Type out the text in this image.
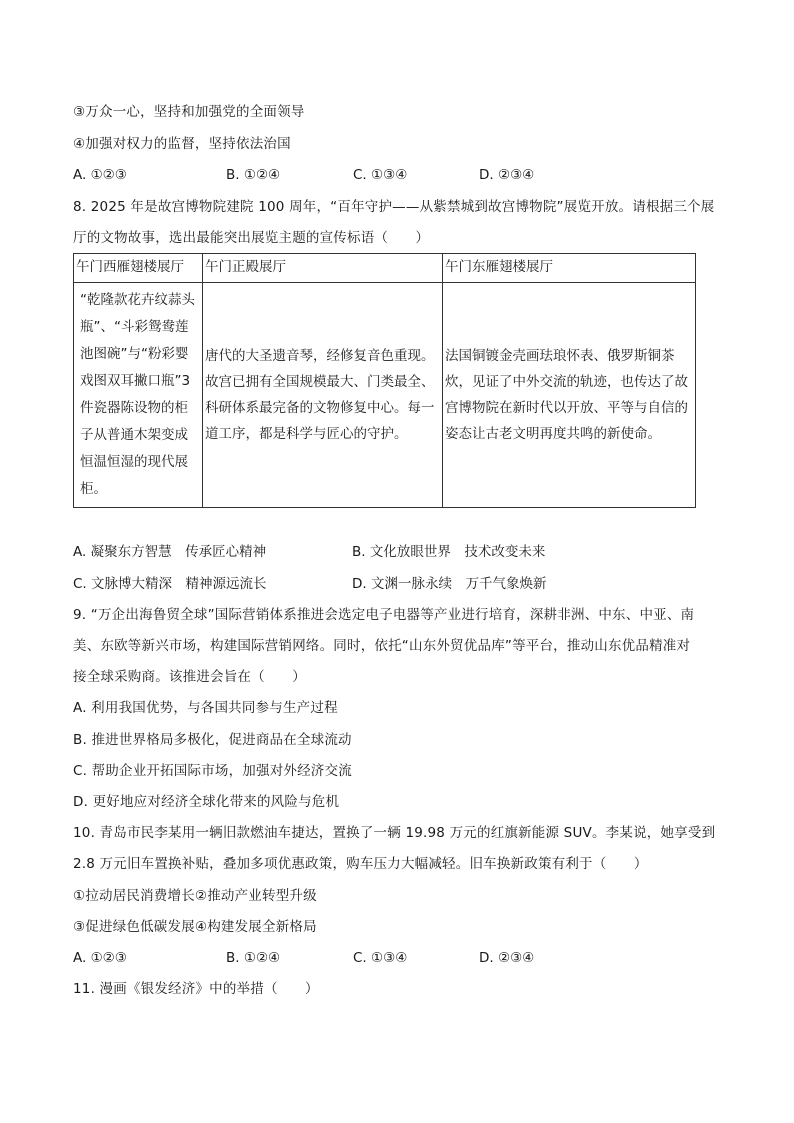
③万众一心，坚持和加强党的全面领导
④加强对权力的监督，坚持依法治国
A. ①②③	B. ①②④	C. ①③④	D. ②③④
8. 2025 年是故宫博物院建院 100 周年，“百年守护——从紫禁城到故宫博物院”展览开放。请根据三个展
厅的文物故事，选出最能突出展览主题的宣传标语（　　）
午门西雁翅楼展厅	午门正殿展厅	午门东雁翅楼展厅
“乾隆款花卉纹蒜头瓶”、“斗彩鸳鸯莲池图碗”与“粉彩婴戏图双耳撇口瓶”3件瓷器陈设物的柜子从普通木架变成恒温恒湿的现代展柜。	唐代的大圣遗音琴，经修复音色重现。故宫已拥有全国规模最大、门类最全、科研体系最完备的文物修复中心。每一道工序，都是科学与匠心的守护。	法国铜镀金壳画珐琅怀表、俄罗斯铜茶炊，见证了中外交流的轨迹，也传达了故宫博物院在新时代以开放、平等与自信的姿态让古老文明再度共鸣的新使命。
A. 凝聚东方智慧　传承匠心精神	B. 文化放眼世界　技术改变未来
C. 文脉博大精深　精神源远流长	D. 文渊一脉永续　万千气象焕新
9. “万企出海鲁贸全球”国际营销体系推进会选定电子电器等产业进行培育，深耕非洲、中东、中亚、南
美、东欧等新兴市场，构建国际营销网络。同时，依托“山东外贸优品库”等平台，推动山东优品精准对
接全球采购商。该推进会旨在（　　）
A. 利用我国优势，与各国共同参与生产过程
B. 推进世界格局多极化，促进商品在全球流动
C. 帮助企业开拓国际市场，加强对外经济交流
D. 更好地应对经济全球化带来的风险与危机
10. 青岛市民李某用一辆旧款燃油车捷达，置换了一辆 19.98 万元的红旗新能源 SUV。李某说，她享受到
2.8 万元旧车置换补贴，叠加多项优惠政策，购车压力大幅减轻。旧车换新政策有利于（　　）
①拉动居民消费增长②推动产业转型升级
③促进绿色低碳发展④构建发展全新格局
A. ①②③	B. ①②④	C. ①③④	D. ②③④
11. 漫画《银发经济》中的举措（　　）
